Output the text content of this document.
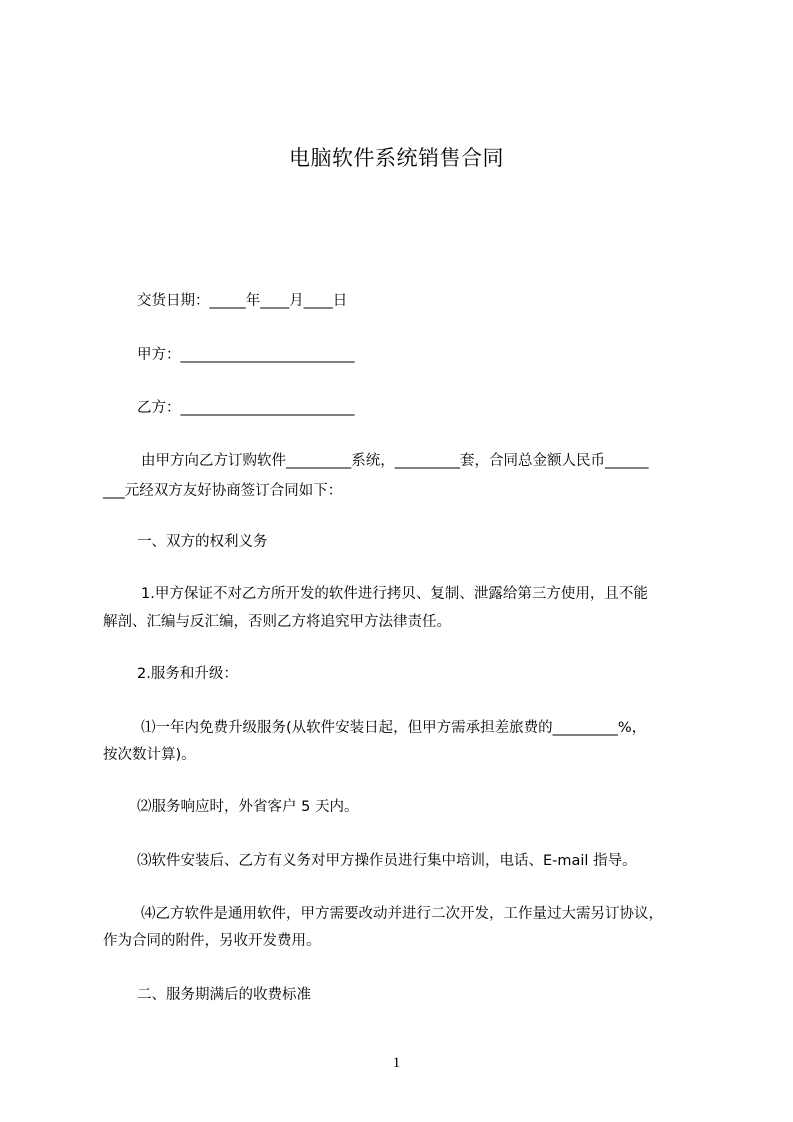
电脑软件系统销售合同
交货日期：_____年____月____日
甲方：________________________
乙方：________________________
由甲方向乙方订购软件_________系统，_________套，合同总金额人民币______
___元经双方友好协商签订合同如下：
一、双方的权利义务
1.甲方保证不对乙方所开发的软件进行拷贝、复制、泄露给第三方使用，且不能
解剖、汇编与反汇编，否则乙方将追究甲方法律责任。
2.服务和升级：
⑴一年内免费升级服务(从软件安装日起，但甲方需承担差旅费的_________%，
按次数计算)。
⑵服务响应时，外省客户 5 天内。
⑶软件安装后、乙方有义务对甲方操作员进行集中培训，电话、E-mail 指导。
⑷乙方软件是通用软件，甲方需要改动并进行二次开发，工作量过大需另订协议，
作为合同的附件，另收开发费用。
二、服务期满后的收费标准
1
